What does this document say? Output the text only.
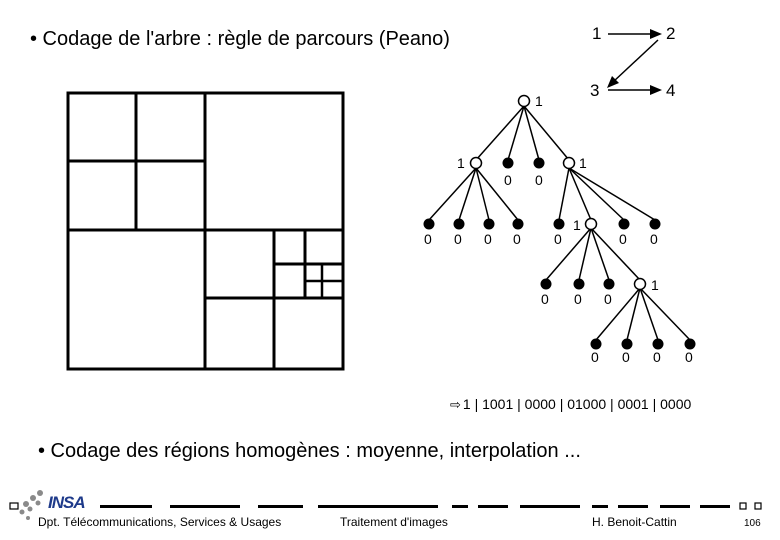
• Codage de l'arbre : règle de parcours (Peano)	1	2
3	4
1
1
0 0
1
0 0 0 0 0
1
0 0
0 0 0
1
0 0 0 0
INSA
⇨ 1 | 1001 | 0000 | 01000 | 0001 | 0000
• Codage des régions homogènes : moyenne, interpolation ...
Dpt. Télécommunications, Services & Usages	Traitement d'images	H. Benoit-Cattin	106
